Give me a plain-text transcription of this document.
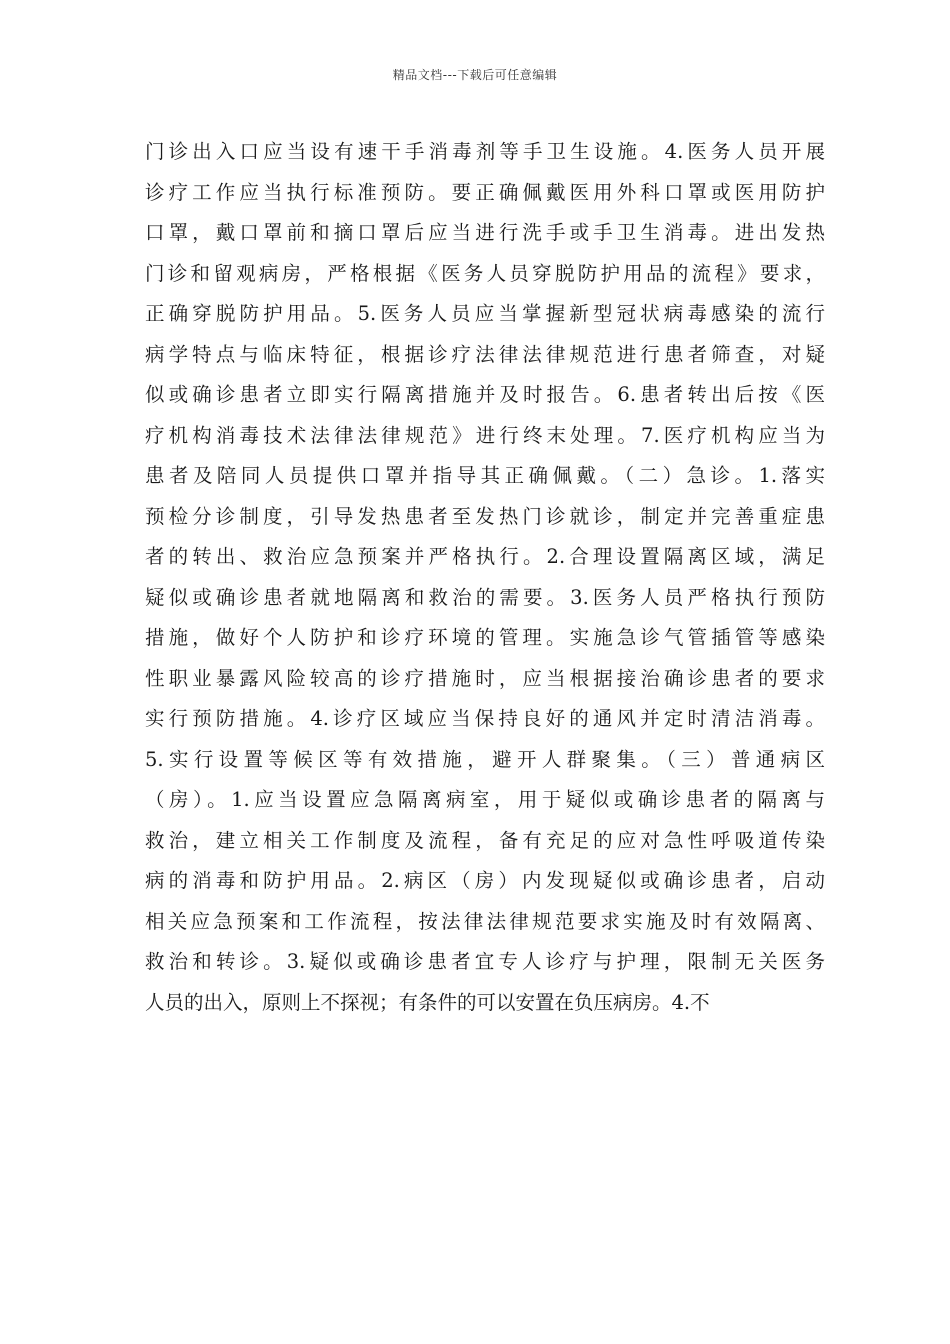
精品文档---下载后可任意编辑
门诊出入口应当设有速干手消毒剂等手卫生设施。4.医务人员开展
诊疗工作应当执行标准预防。要正确佩戴医用外科口罩或医用防护
口罩，戴口罩前和摘口罩后应当进行洗手或手卫生消毒。进出发热
门诊和留观病房，严格根据《医务人员穿脱防护用品的流程》要求，
正确穿脱防护用品。5.医务人员应当掌握新型冠状病毒感染的流行
病学特点与临床特征，根据诊疗法律法律规范进行患者筛查，对疑
似或确诊患者立即实行隔离措施并及时报告。6.患者转出后按《医
疗机构消毒技术法律法律规范》进行终末处理。7.医疗机构应当为
患者及陪同人员提供口罩并指导其正确佩戴。（二）急诊。1.落实
预检分诊制度，引导发热患者至发热门诊就诊，制定并完善重症患
者的转出、救治应急预案并严格执行。2.合理设置隔离区域，满足
疑似或确诊患者就地隔离和救治的需要。3.医务人员严格执行预防
措施，做好个人防护和诊疗环境的管理。实施急诊气管插管等感染
性职业暴露风险较高的诊疗措施时，应当根据接治确诊患者的要求
实行预防措施。4.诊疗区域应当保持良好的通风并定时清洁消毒。
5.实行设置等候区等有效措施，避开人群聚集。（三）普通病区
（房）。1.应当设置应急隔离病室，用于疑似或确诊患者的隔离与
救治，建立相关工作制度及流程，备有充足的应对急性呼吸道传染
病的消毒和防护用品。2.病区（房）内发现疑似或确诊患者，启动
相关应急预案和工作流程，按法律法律规范要求实施及时有效隔离、
救治和转诊。3.疑似或确诊患者宜专人诊疗与护理，限制无关医务
人员的出入，原则上不探视；有条件的可以安置在负压病房。4.不
